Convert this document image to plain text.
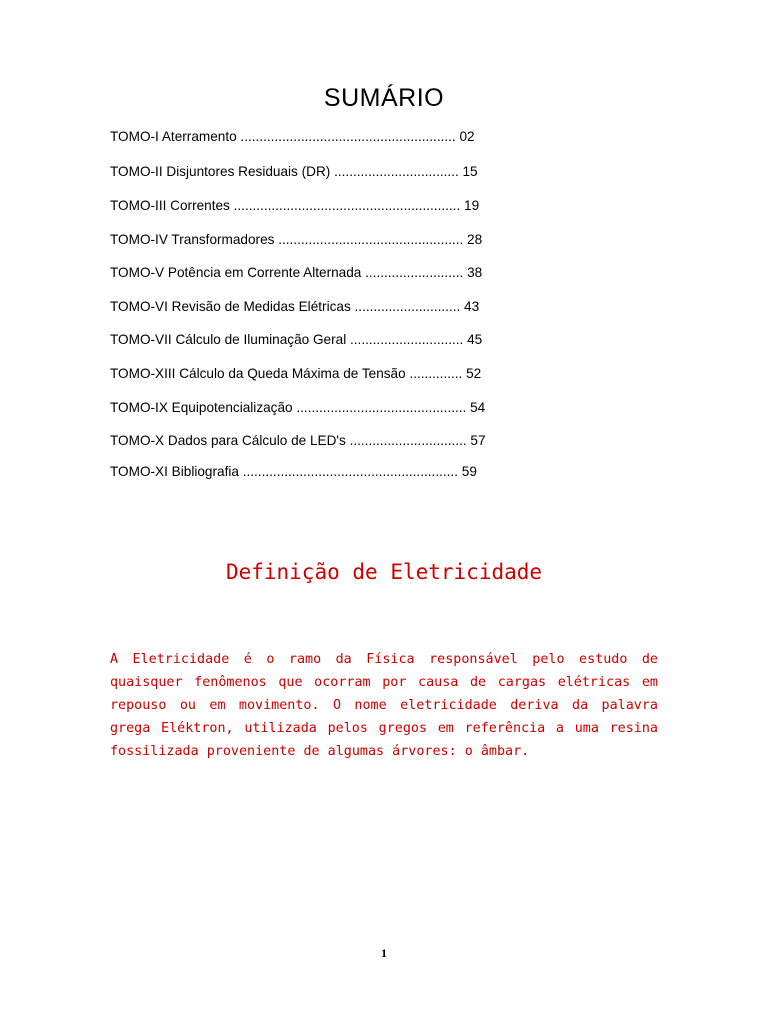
SUMÁRIO
TOMO-I Aterramento ......................................................... 02
TOMO-II Disjuntores Residuais (DR) ................................. 15
TOMO-III Correntes ............................................................ 19
TOMO-IV Transformadores ................................................. 28
TOMO-V Potência em Corrente Alternada .......................... 38
TOMO-VI Revisão de Medidas Elétricas ............................ 43
TOMO-VII Cálculo de Iluminação Geral .............................. 45
TOMO-XIII Cálculo da Queda Máxima de Tensão .............. 52
TOMO-IX Equipotencialização ............................................. 54
TOMO-X Dados para Cálculo de LED's ............................... 57
TOMO-XI Bibliografia ......................................................... 59
Definição de Eletricidade

A Eletricidade é o ramo da Física responsável pelo estudo de quaisquer fenômenos que ocorram por causa de cargas elétricas em repouso ou em movimento. O nome eletricidade deriva da palavra grega Eléktron, utilizada pelos gregos em referência a uma resina fossilizada proveniente de algumas árvores: o âmbar.

1
